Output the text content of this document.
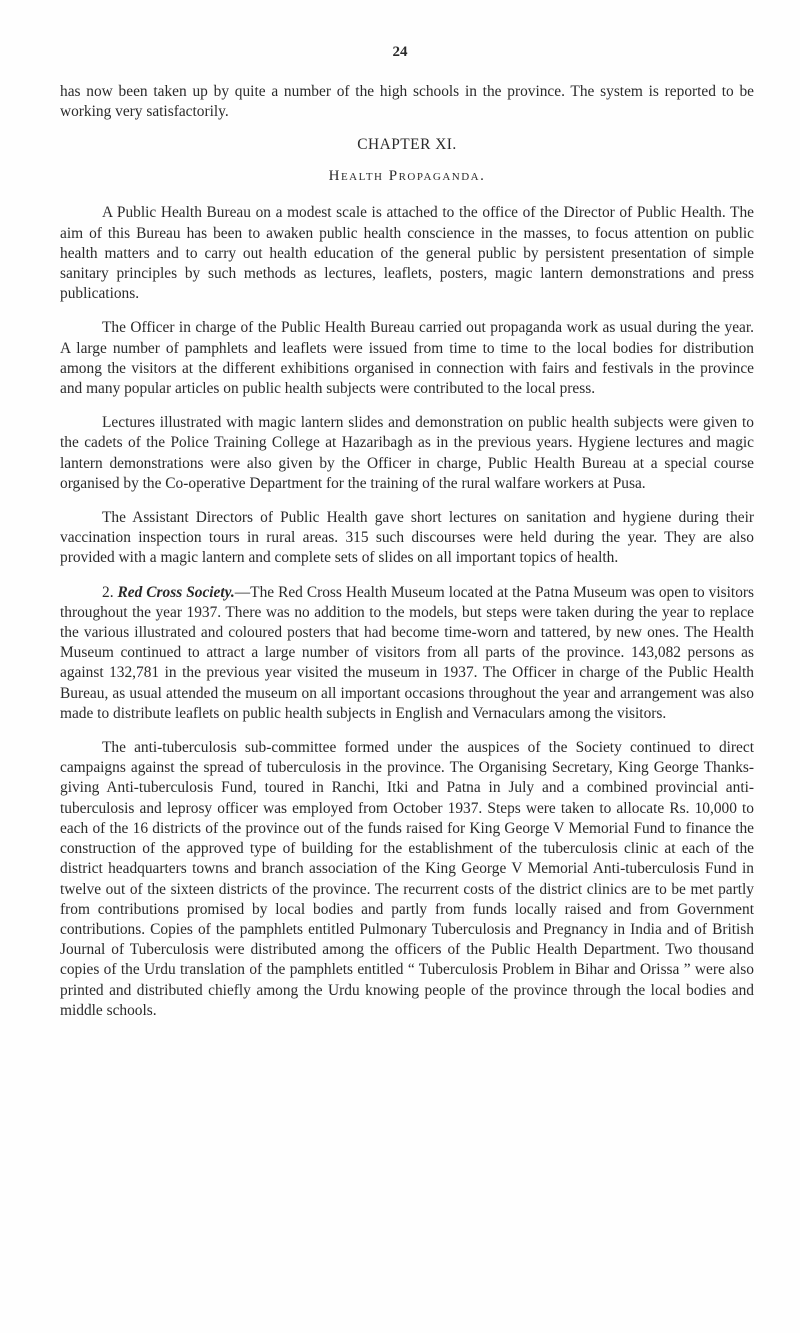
24

has now been taken up by quite a number of the high schools in the province. The system is reported to be working very satisfactorily.

CHAPTER XI.
Health Propaganda.

A Public Health Bureau on a modest scale is attached to the office of the Director of Public Health. The aim of this Bureau has been to awaken public health conscience in the masses, to focus attention on public health matters and to carry out health education of the general public by persistent presentation of simple sanitary principles by such methods as lectures, leaflets, posters, magic lantern demonstrations and press publications.

The Officer in charge of the Public Health Bureau carried out propaganda work as usual during the year. A large number of pamphlets and leaflets were issued from time to time to the local bodies for distribution among the visitors at the different exhibitions organised in connection with fairs and festivals in the province and many popular articles on public health subjects were contributed to the local press.

Lectures illustrated with magic lantern slides and demonstration on public health subjects were given to the cadets of the Police Training College at Hazaribagh as in the previous years. Hygiene lectures and magic lantern demonstrations were also given by the Officer in charge, Public Health Bureau at a special course organised by the Co-operative Department for the training of the rural walfare workers at Pusa.

The Assistant Directors of Public Health gave short lectures on sanitation and hygiene during their vaccination inspection tours in rural areas. 315 such discourses were held during the year. They are also provided with a magic lantern and complete sets of slides on all important topics of health.

2. Red Cross Society.—The Red Cross Health Museum located at the Patna Museum was open to visitors throughout the year 1937. There was no addition to the models, but steps were taken during the year to replace the various illustrated and coloured posters that had become time-worn and tattered, by new ones. The Health Museum continued to attract a large number of visitors from all parts of the province. 143,082 persons as against 132,781 in the previous year visited the museum in 1937. The Officer in charge of the Public Health Bureau, as usual attended the museum on all important occasions throughout the year and arrangement was also made to distribute leaflets on public health subjects in English and Vernaculars among the visitors.

The anti-tuberculosis sub-committee formed under the auspices of the Society continued to direct campaigns against the spread of tuberculosis in the province. The Organising Secretary, King George Thanks-giving Anti-tuberculosis Fund, toured in Ranchi, Itki and Patna in July and a combined provincial anti-tuberculosis and leprosy officer was employed from October 1937. Steps were taken to allocate Rs. 10,000 to each of the 16 districts of the province out of the funds raised for King George V Memorial Fund to finance the construction of the approved type of building for the establishment of the tuberculosis clinic at each of the district headquarters towns and branch association of the King George V Memorial Anti-tuberculosis Fund in twelve out of the sixteen districts of the province. The recurrent costs of the district clinics are to be met partly from contributions promised by local bodies and partly from funds locally raised and from Government contributions. Copies of the pamphlets entitled Pulmonary Tuberculosis and Pregnancy in India and of British Journal of Tuberculosis were distributed among the officers of the Public Health Department. Two thousand copies of the Urdu translation of the pamphlets entitled “ Tuberculosis Problem in Bihar and Orissa ” were also printed and distributed chiefly among the Urdu knowing people of the province through the local bodies and middle schools.
